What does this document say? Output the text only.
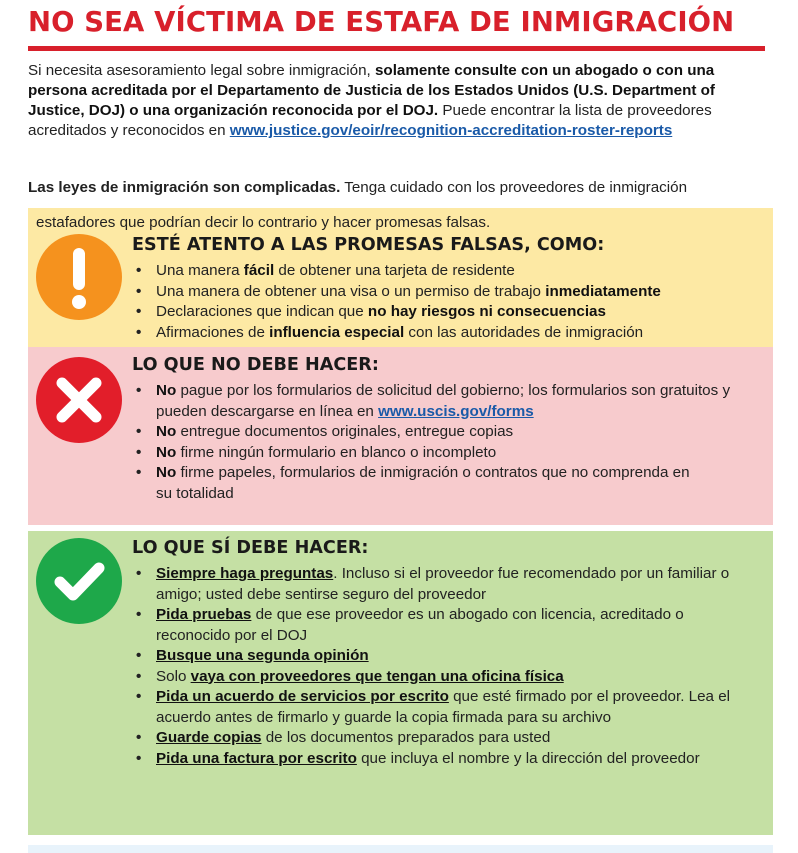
NO SEA VÍCTIMA DE ESTAFA DE INMIGRACIÓN

Si necesita asesoramiento legal sobre inmigración, solamente consulte con un abogado o con una persona acreditada por el Departamento de Justicia de los Estados Unidos (U.S. Department of Justice, DOJ) o una organización reconocida por el DOJ. Puede encontrar la lista de proveedores acreditados y reconocidos en www.justice.gov/eoir/recognition-accreditation-roster-reports

Las leyes de inmigración son complicadas. Tenga cuidado con los proveedores de inmigración

estafadores que podrían decir lo contrario y hacer promesas falsas.
ESTÉ ATENTO A LAS PROMESAS FALSAS, COMO:
• Una manera fácil de obtener una tarjeta de residente
• Una manera de obtener una visa o un permiso de trabajo inmediatamente
• Declaraciones que indican que no hay riesgos ni consecuencias
• Afirmaciones de influencia especial con las autoridades de inmigración
LO QUE NO DEBE HACER:
• No pague por los formularios de solicitud del gobierno; los formularios son gratuitos y pueden descargarse en línea en www.uscis.gov/forms
• No entregue documentos originales, entregue copias
• No firme ningún formulario en blanco o incompleto
• No firme papeles, formularios de inmigración o contratos que no comprenda en su totalidad
LO QUE SÍ DEBE HACER:
• Siempre haga preguntas. Incluso si el proveedor fue recomendado por un familiar o amigo; usted debe sentirse seguro del proveedor
• Pida pruebas de que ese proveedor es un abogado con licencia, acreditado o reconocido por el DOJ
• Busque una segunda opinión
• Solo vaya con proveedores que tengan una oficina física
• Pida un acuerdo de servicios por escrito que esté firmado por el proveedor. Lea el acuerdo antes de firmarlo y guarde la copia firmada para su archivo
• Guarde copias de los documentos preparados para usted
• Pida una factura por escrito que incluya el nombre y la dirección del proveedor
